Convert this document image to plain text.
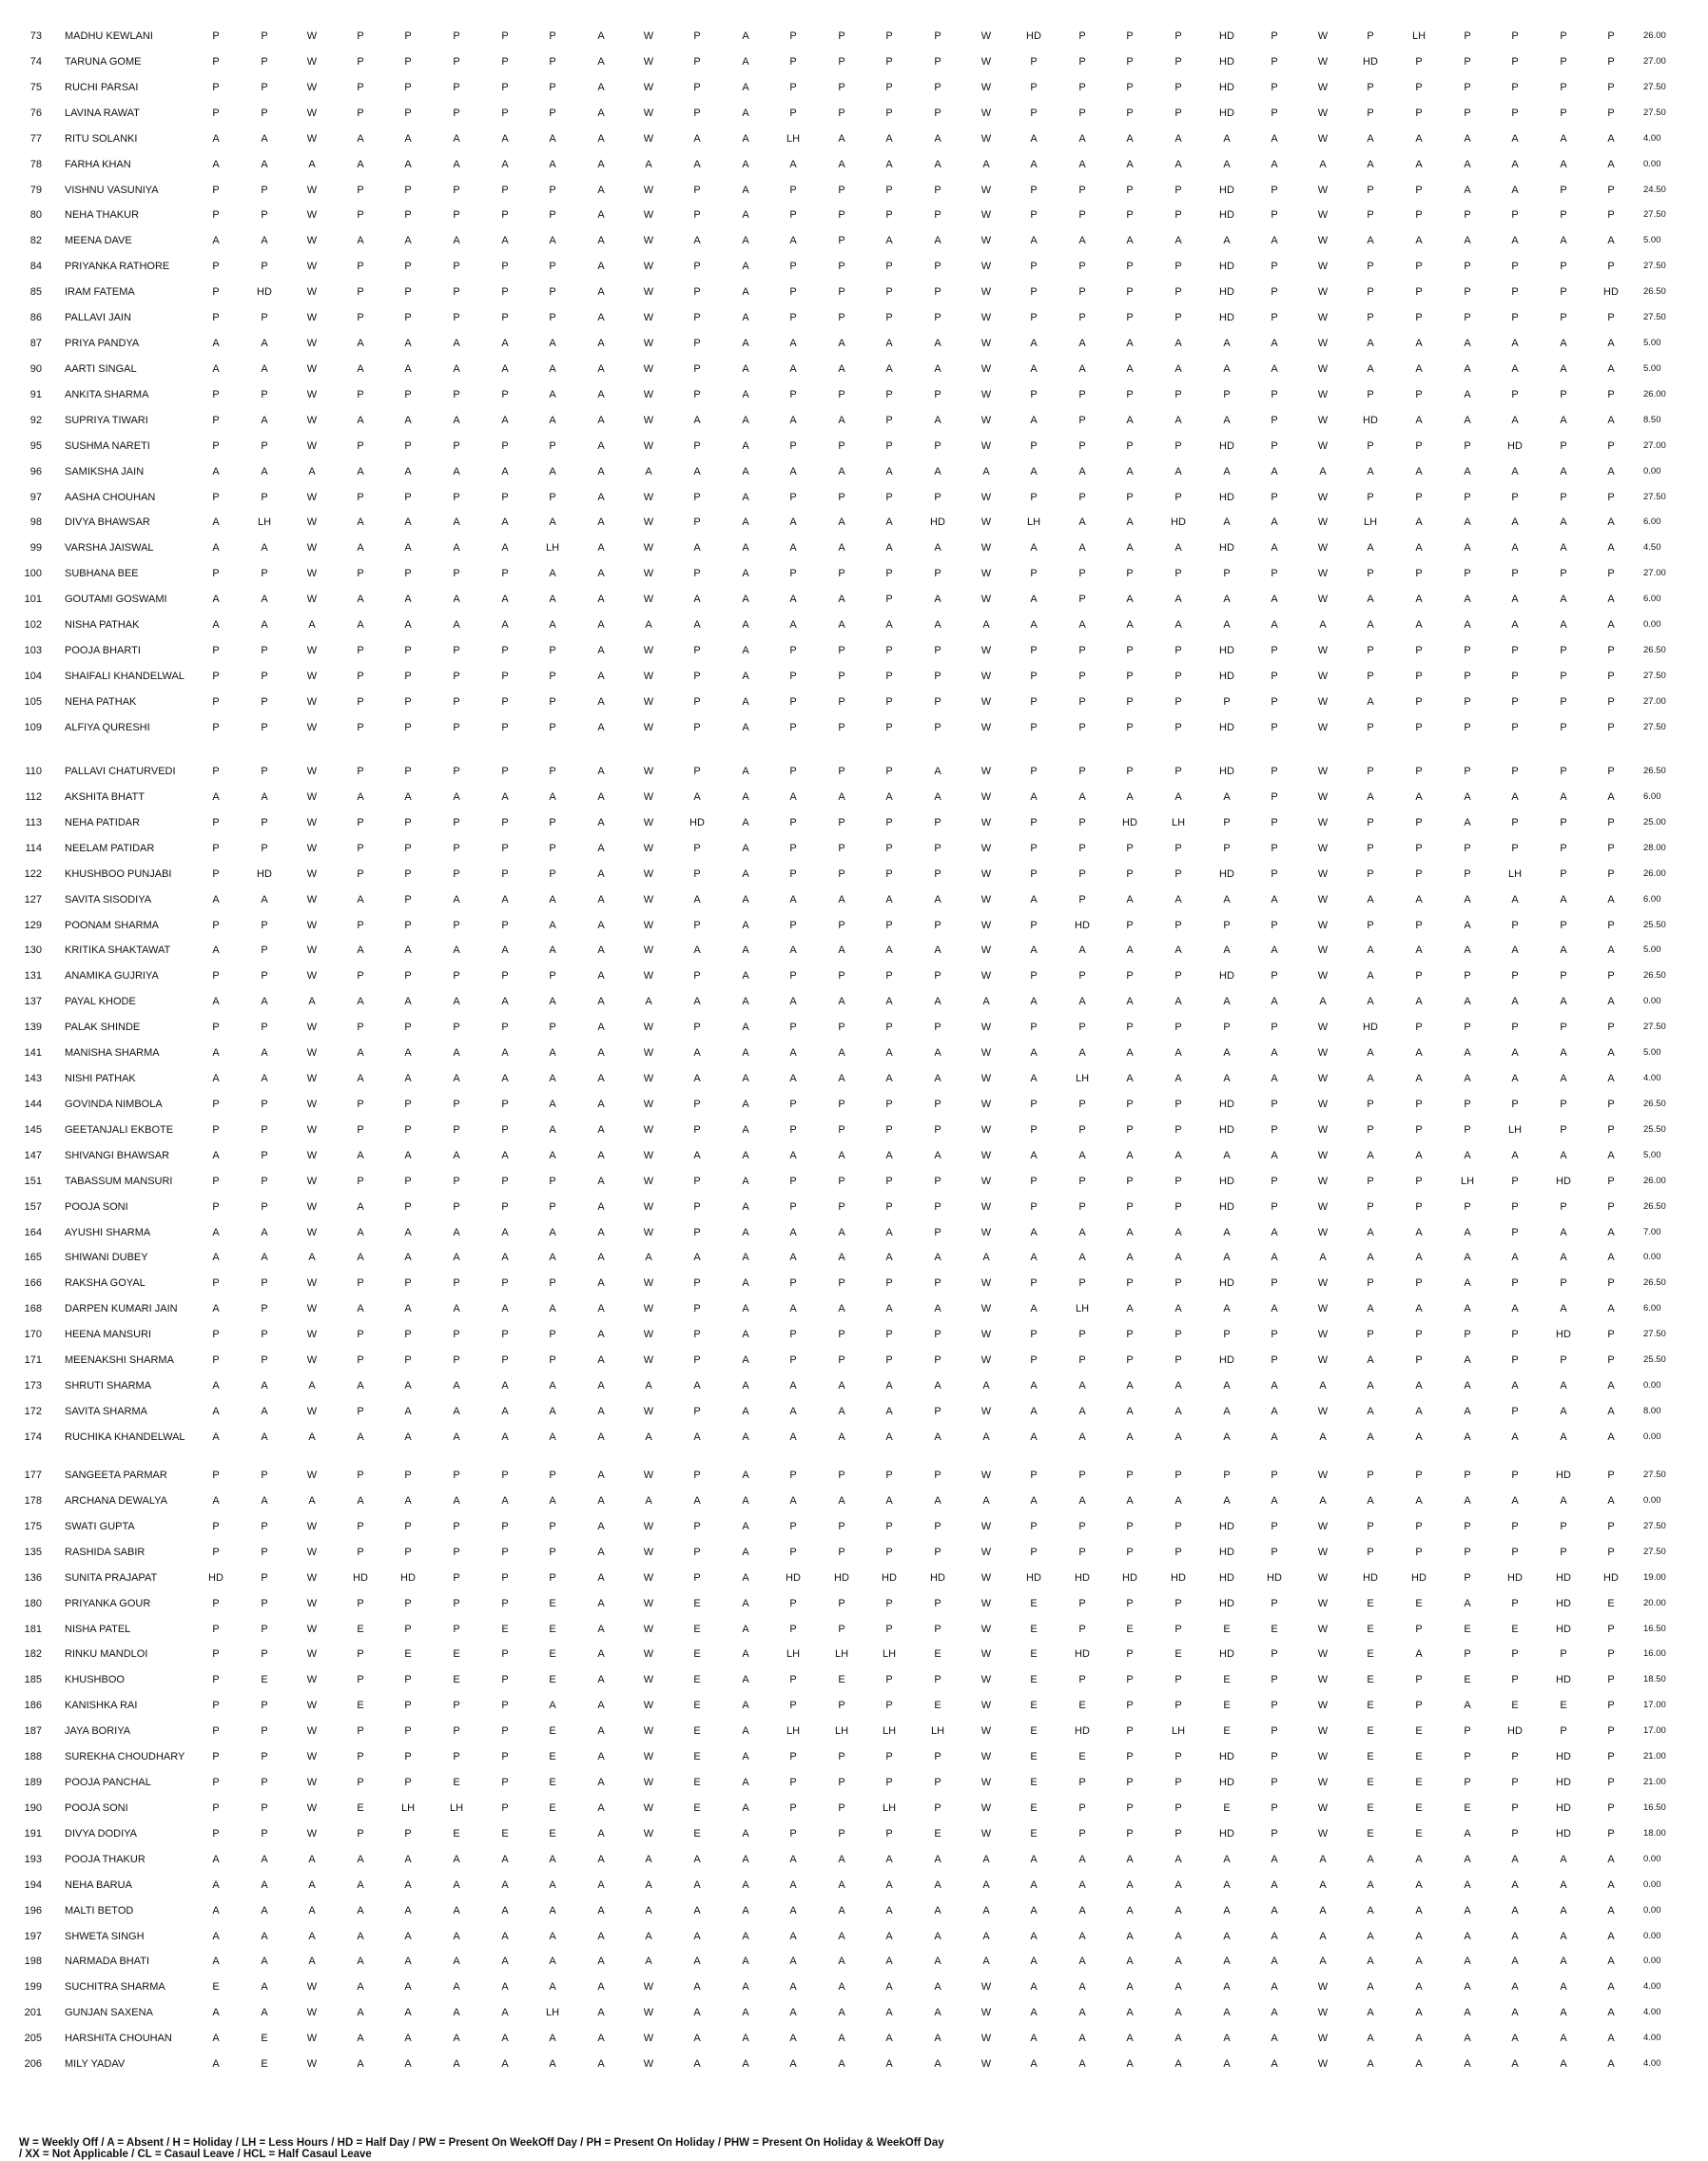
73 MADHU KEWLANI	P	P	W	P	P	P	P	P	A	W	P	A	P	P	P	P	W	HD	P	P	P	HD	P	W	P	LH	P	P	P	P	26.00
74 TARUNA GOME	P	P	W	P	P	P	P	P	A	W	P	A	P	P	P	P	W	P	P	P	P	HD	P	W	HD	P	P	P	P	P	27.00
75 RUCHI PARSAI	P	P	W	P	P	P	P	P	A	W	P	A	P	P	P	P	W	P	P	P	P	HD	P	W	P	P	P	P	P	P	27.50
76 LAVINA RAWAT	P	P	W	P	P	P	P	P	A	W	P	A	P	P	P	P	W	P	P	P	P	HD	P	W	P	P	P	P	P	P	27.50
77 RITU SOLANKI	A	A	W	A	A	A	A	A	A	W	A	A	LH	A	A	A	W	A	A	A	A	A	A	W	A	A	A	A	A	A	4.00
78 FARHA KHAN	A	A	A	A	A	A	A	A	A	A	A	A	A	A	A	A	A	A	A	A	A	A	A	A	A	A	A	A	A	A	0.00
79 VISHNU VASUNIYA	P	P	W	P	P	P	P	P	A	W	P	A	P	P	P	P	W	P	P	P	P	HD	P	W	P	P	A	A	P	P	24.50
80 NEHA THAKUR	P	P	W	P	P	P	P	P	A	W	P	A	P	P	P	P	W	P	P	P	P	HD	P	W	P	P	P	P	P	P	27.50
82 MEENA DAVE	A	A	W	A	A	A	A	A	A	W	A	A	A	P	A	A	W	A	A	A	A	A	A	W	A	A	A	A	A	A	5.00
84 PRIYANKA RATHORE	P	P	W	P	P	P	P	P	A	W	P	A	P	P	P	P	W	P	P	P	P	HD	P	W	P	P	P	P	P	P	27.50
85 IRAM FATEMA	P	HD	W	P	P	P	P	P	A	W	P	A	P	P	P	P	W	P	P	P	P	HD	P	W	P	P	P	P	P	HD	26.50
86 PALLAVI JAIN	P	P	W	P	P	P	P	P	A	W	P	A	P	P	P	P	W	P	P	P	P	HD	P	W	P	P	P	P	P	P	27.50
87 PRIYA PANDYA	A	A	W	A	A	A	A	A	A	W	P	A	A	A	A	A	W	A	A	A	A	A	A	W	A	A	A	A	A	A	5.00
90 AARTI SINGAL	A	A	W	A	A	A	A	A	A	W	P	A	A	A	A	A	W	A	A	A	A	A	A	W	A	A	A	A	A	A	5.00
91 ANKITA SHARMA	P	P	W	P	P	P	P	A	A	W	P	A	P	P	P	P	W	P	P	P	P	P	P	W	P	P	A	P	P	P	26.00
92 SUPRIYA TIWARI	P	A	W	A	A	A	A	A	A	W	A	A	A	A	P	A	W	A	P	A	A	A	P	W	HD	A	A	A	A	A	8.50
95 SUSHMA NARETI	P	P	W	P	P	P	P	P	A	W	P	A	P	P	P	P	W	P	P	P	P	HD	P	W	P	P	P	HD	P	P	27.00
96 SAMIKSHA JAIN	A	A	A	A	A	A	A	A	A	A	A	A	A	A	A	A	A	A	A	A	A	A	A	A	A	A	A	A	A	A	0.00
97 AASHA CHOUHAN	P	P	W	P	P	P	P	P	A	W	P	A	P	P	P	P	W	P	P	P	P	HD	P	W	P	P	P	P	P	P	27.50
98 DIVYA BHAWSAR	A	LH	W	A	A	A	A	A	A	W	P	A	A	A	A	HD	W	LH	A	A	HD	A	A	W	LH	A	A	A	A	A	6.00
99 VARSHA JAISWAL	A	A	W	A	A	A	A	LH	A	W	A	A	A	A	A	A	W	A	A	A	A	HD	A	W	A	A	A	A	A	A	4.50
100 SUBHANA BEE	P	P	W	P	P	P	P	A	A	W	P	A	P	P	P	P	W	P	P	P	P	P	P	W	P	P	P	P	P	P	27.00
101 GOUTAMI GOSWAMI	A	A	W	A	A	A	A	A	A	W	A	A	A	A	P	A	W	A	P	A	A	A	A	W	A	A	A	A	A	A	6.00
102 NISHA PATHAK	A	A	A	A	A	A	A	A	A	A	A	A	A	A	A	A	A	A	A	A	A	A	A	A	A	A	A	A	A	A	0.00
103 POOJA BHARTI	P	P	W	P	P	P	P	P	A	W	P	A	P	P	P	P	W	P	P	P	P	HD	P	W	P	P	P	P	P	P	26.50
104 SHAIFALI KHANDELWAL	P	P	W	P	P	P	P	P	A	W	P	A	P	P	P	P	W	P	P	P	P	HD	P	W	P	P	P	P	P	P	27.50
105 NEHA PATHAK	P	P	W	P	P	P	P	P	A	W	P	A	P	P	P	P	W	P	P	P	P	P	P	W	A	P	P	P	P	P	27.00
109 ALFIYA QURESHI	P	P	W	P	P	P	P	P	A	W	P	A	P	P	P	P	W	P	P	P	P	HD	P	W	P	P	P	P	P	P	27.50
110 PALLAVI CHATURVEDI	P	P	W	P	P	P	P	P	A	W	P	A	P	P	P	A	W	P	P	P	P	HD	P	W	P	P	P	P	P	P	26.50
112 AKSHITA BHATT	A	A	W	A	A	A	A	A	A	W	A	A	A	A	A	A	W	A	A	A	A	A	P	W	A	A	A	A	A	A	6.00
113 NEHA PATIDAR	P	P	W	P	P	P	P	P	A	W	HD	A	P	P	P	P	W	P	P	HD	LH	P	P	W	P	P	A	P	P	P	25.00
114 NEELAM PATIDAR	P	P	W	P	P	P	P	P	A	W	P	A	P	P	P	P	W	P	P	P	P	P	P	W	P	P	P	P	P	P	28.00
122 KHUSHBOO PUNJABI	P	HD	W	P	P	P	P	P	A	W	P	A	P	P	P	P	W	P	P	P	P	HD	P	W	P	P	P	LH	P	P	26.00
127 SAVITA SISODIYA	A	A	W	A	P	A	A	A	A	W	A	A	A	A	A	A	W	A	P	A	A	A	A	W	A	A	A	A	A	A	6.00
129 POONAM SHARMA	P	P	W	P	P	P	P	A	A	W	P	A	P	P	P	P	W	P	HD	P	P	P	P	W	P	P	A	P	P	P	25.50
130 KRITIKA SHAKTAWAT	A	P	W	A	A	A	A	A	A	W	A	A	A	A	A	A	W	A	A	A	A	A	A	W	A	A	A	A	A	A	5.00
131 ANAMIKA GUJRIYA	P	P	W	P	P	P	P	P	A	W	P	A	P	P	P	P	W	P	P	P	P	HD	P	W	A	P	P	P	P	P	26.50
137 PAYAL KHODE	A	A	A	A	A	A	A	A	A	A	A	A	A	A	A	A	A	A	A	A	A	A	A	A	A	A	A	A	A	A	0.00
139 PALAK SHINDE	P	P	W	P	P	P	P	P	A	W	P	A	P	P	P	P	W	P	P	P	P	P	P	W	HD	P	P	P	P	P	27.50
141 MANISHA SHARMA	A	A	W	A	A	A	A	A	A	W	A	A	A	A	A	A	W	A	A	A	A	A	A	W	A	A	A	A	A	A	5.00
143 NISHI PATHAK	A	A	W	A	A	A	A	A	A	W	A	A	A	A	A	A	W	A	LH	A	A	A	A	W	A	A	A	A	A	A	4.00
144 GOVINDA NIMBOLA	P	P	W	P	P	P	P	A	A	W	P	A	P	P	P	P	W	P	P	P	P	HD	P	W	P	P	P	P	P	P	26.50
145 GEETANJALI EKBOTE	P	P	W	P	P	P	P	A	A	W	P	A	P	P	P	P	W	P	P	P	P	HD	P	W	P	P	P	LH	P	P	25.50
147 SHIVANGI BHAWSAR	A	P	W	A	A	A	A	A	A	W	A	A	A	A	A	A	W	A	A	A	A	A	A	W	A	A	A	A	A	A	5.00
151 TABASSUM MANSURI	P	P	W	P	P	P	P	P	A	W	P	A	P	P	P	P	W	P	P	P	P	HD	P	W	P	P	LH	P	HD	P	26.00
157 POOJA SONI	P	P	W	A	P	P	P	P	A	W	P	A	P	P	P	P	W	P	P	P	P	HD	P	W	P	P	P	P	P	P	26.50
164 AYUSHI SHARMA	A	A	W	A	A	A	A	A	A	W	P	A	A	A	A	P	W	A	A	A	A	A	A	W	A	A	A	P	A	A	7.00
165 SHIWANI DUBEY	A	A	A	A	A	A	A	A	A	A	A	A	A	A	A	A	A	A	A	A	A	A	A	A	A	A	A	A	A	A	0.00
166 RAKSHA GOYAL	P	P	W	P	P	P	P	P	A	W	P	A	P	P	P	P	W	P	P	P	P	HD	P	W	P	P	A	P	P	P	26.50
168 DARPEN KUMARI JAIN	A	P	W	A	A	A	A	A	A	W	P	A	A	A	A	A	W	A	LH	A	A	A	A	W	A	A	A	A	A	A	6.00
170 HEENA MANSURI	P	P	W	P	P	P	P	P	A	W	P	A	P	P	P	P	W	P	P	P	P	P	P	W	P	P	P	P	HD	P	27.50
171 MEENAKSHI SHARMA	P	P	W	P	P	P	P	P	A	W	P	A	P	P	P	P	W	P	P	P	P	HD	P	W	A	P	A	P	P	P	25.50
173 SHRUTI SHARMA	A	A	A	A	A	A	A	A	A	A	A	A	A	A	A	A	A	A	A	A	A	A	A	A	A	A	A	A	A	A	0.00
172 SAVITA SHARMA	A	A	W	P	A	A	A	A	A	W	P	A	A	A	A	P	W	A	A	A	A	A	A	W	A	A	A	P	A	A	8.00
174 RUCHIKA KHANDELWAL	A	A	A	A	A	A	A	A	A	A	A	A	A	A	A	A	A	A	A	A	A	A	A	A	A	A	A	A	A	A	0.00
177 SANGEETA PARMAR	P	P	W	P	P	P	P	P	A	W	P	A	P	P	P	P	W	P	P	P	P	P	P	W	P	P	P	P	HD	P	27.50
178 ARCHANA DEWALYA	A	A	A	A	A	A	A	A	A	A	A	A	A	A	A	A	A	A	A	A	A	A	A	A	A	A	A	A	A	A	0.00
175 SWATI GUPTA	P	P	W	P	P	P	P	P	A	W	P	A	P	P	P	P	W	P	P	P	P	HD	P	W	P	P	P	P	P	P	27.50
135 RASHIDA SABIR	P	P	W	P	P	P	P	P	A	W	P	A	P	P	P	P	W	P	P	P	P	HD	P	W	P	P	P	P	P	P	27.50
136 SUNITA PRAJAPAT	HD	P	W	HD	HD	P	P	P	A	W	P	A	HD	HD	HD	HD	W	HD	HD	HD	HD	HD	HD	W	HD	HD	P	HD	HD	HD	19.00
180 PRIYANKA GOUR	P	P	W	P	P	P	P	E	A	W	E	A	P	P	P	P	W	E	P	P	P	HD	P	W	E	E	A	P	HD	E	20.00
181 NISHA PATEL	P	P	W	E	P	P	E	E	A	W	E	A	P	P	P	P	W	E	P	E	P	E	E	W	E	P	E	E	HD	P	16.50
182 RINKU MANDLOI	P	P	W	P	E	E	P	E	A	W	E	A	LH	LH	LH	E	W	E	HD	P	E	HD	P	W	E	A	P	P	P	P	16.00
185 KHUSHBOO	P	E	W	P	P	E	P	E	A	W	E	A	P	E	P	P	W	E	P	P	P	E	P	W	E	P	E	P	HD	P	18.50
186 KANISHKA RAI	P	P	W	E	P	P	P	A	A	W	E	A	P	P	P	E	W	E	E	P	P	E	P	W	E	P	A	E	E	P	17.00
187 JAYA BORIYA	P	P	W	P	P	P	P	E	A	W	E	A	LH	LH	LH	LH	W	E	HD	P	LH	E	P	W	E	E	P	HD	P	P	17.00
188 SUREKHA CHOUDHARY	P	P	W	P	P	P	P	E	A	W	E	A	P	P	P	P	W	E	E	P	P	HD	P	W	E	E	P	P	HD	P	21.00
189 POOJA PANCHAL	P	P	W	P	P	E	P	E	A	W	E	A	P	P	P	P	W	E	P	P	P	HD	P	W	E	E	P	P	HD	P	21.00
190 POOJA SONI	P	P	W	E	LH	LH	P	E	A	W	E	A	P	P	LH	P	W	E	P	P	P	E	P	W	E	E	E	P	HD	P	16.50
191 DIVYA DODIYA	P	P	W	P	P	E	E	E	A	W	E	A	P	P	P	E	W	E	P	P	P	HD	P	W	E	E	A	P	HD	P	18.00
193 POOJA THAKUR	A	A	A	A	A	A	A	A	A	A	A	A	A	A	A	A	A	A	A	A	A	A	A	A	A	A	A	A	A	A	0.00
194 NEHA BARUA	A	A	A	A	A	A	A	A	A	A	A	A	A	A	A	A	A	A	A	A	A	A	A	A	A	A	A	A	A	A	0.00
196 MALTI BETOD	A	A	A	A	A	A	A	A	A	A	A	A	A	A	A	A	A	A	A	A	A	A	A	A	A	A	A	A	A	A	0.00
197 SHWETA SINGH	A	A	A	A	A	A	A	A	A	A	A	A	A	A	A	A	A	A	A	A	A	A	A	A	A	A	A	A	A	A	0.00
198 NARMADA BHATI	A	A	A	A	A	A	A	A	A	A	A	A	A	A	A	A	A	A	A	A	A	A	A	A	A	A	A	A	A	A	0.00
199 SUCHITRA SHARMA	E	A	W	A	A	A	A	A	A	W	A	A	A	A	A	A	W	A	A	A	A	A	A	W	A	A	A	A	A	A	4.00
201 GUNJAN SAXENA	A	A	W	A	A	A	A	LH	A	W	A	A	A	A	A	A	W	A	A	A	A	A	A	W	A	A	A	A	A	A	4.00
205 HARSHITA CHOUHAN	A	E	W	A	A	A	A	A	A	W	A	A	A	A	A	A	W	A	A	A	A	A	A	W	A	A	A	A	A	A	4.00
206 MILY YADAV	A	E	W	A	A	A	A	A	A	W	A	A	A	A	A	A	W	A	A	A	A	A	A	W	A	A	A	A	A	A	4.00
W = Weekly Off / A = Absent / H = Holiday / LH = Less Hours / HD = Half Day / PW = Present On WeekOff Day / PH = Present On Holiday / PHW = Present On Holiday & WeekOff Day
/ XX = Not Applicable / CL = Casaul Leave / HCL = Half Casaul Leave
